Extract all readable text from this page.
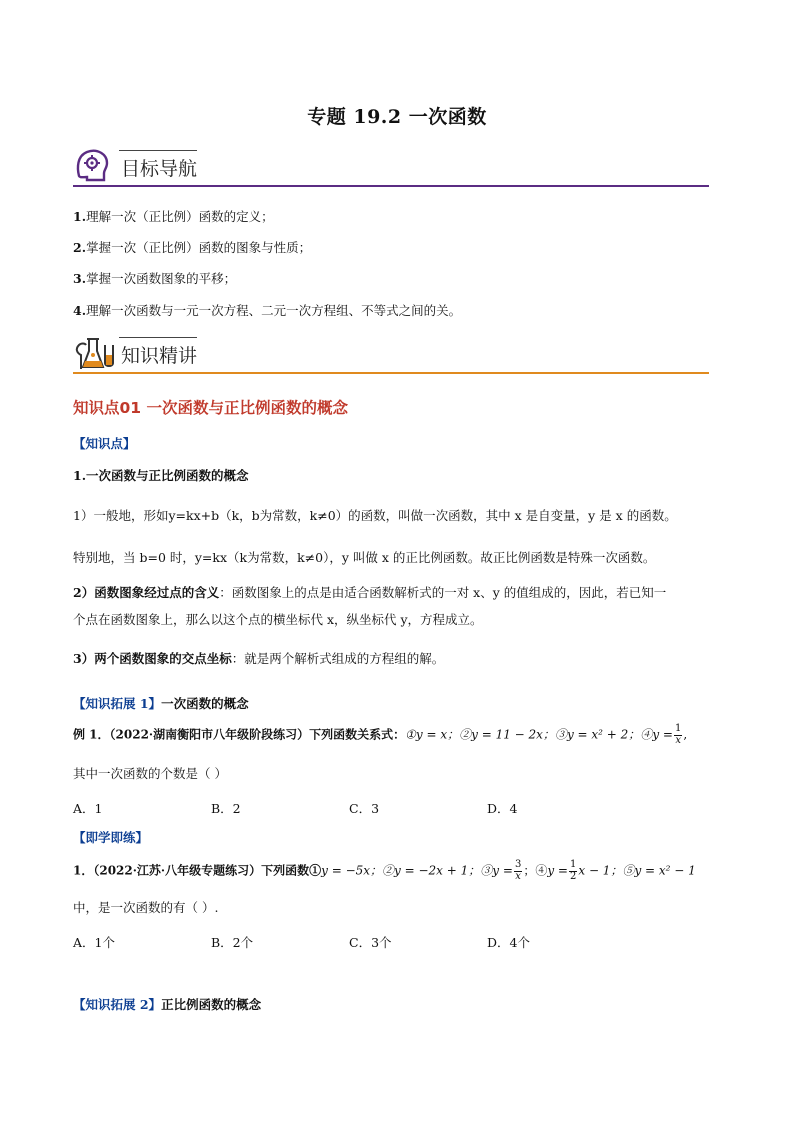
专题 19.2 一次函数
目标导航
1.理解一次（正比例）函数的定义；
2.掌握一次（正比例）函数的图象与性质；
3.掌握一次函数图象的平移；
4.理解一次函数与一元一次方程、二元一次方程组、不等式之间的关。
知识精讲
知识点01 一次函数与正比例函数的概念
【知识点】
1.一次函数与正比例函数的概念
1）一般地，形如y=kx+b（k，b为常数，k≠0）的函数，叫做一次函数，其中 x 是自变量，y 是 x 的函数。
特别地，当 b=0 时，y=kx（k为常数，k≠0），y 叫做 x 的正比例函数。故正比例函数是特殊一次函数。
2）函数图象经过点的含义：函数图象上的点是由适合函数解析式的一对 x、y 的值组成的，因此，若已知一
个点在函数图象上，那么以这个点的横坐标代 x，纵坐标代 y，方程成立。
3）两个函数图象的交点坐标：就是两个解析式组成的方程组的解。
【知识拓展 1】一次函数的概念
例 1．（2022·湖南衡阳市八年级阶段练习）下列函数关系式：①y = x；②y = 11 − 2x；③y = x² + 2；④y = $\frac{1}{x}$ ,
其中一次函数的个数是（ ）
A．1	B．2	C．3	D．4
【即学即练】
1．（2022·江苏·八年级专题练习）下列函数①y = −5x；②y = −2x + 1；③y = $\frac{3}{x}$ ；④y = $\frac{1}{2}$ x − 1；⑤y = x² − 1
中，是一次函数的有（ ）.
A．1个	B．2个	C．3个	D．4个
【知识拓展 2】正比例函数的概念
